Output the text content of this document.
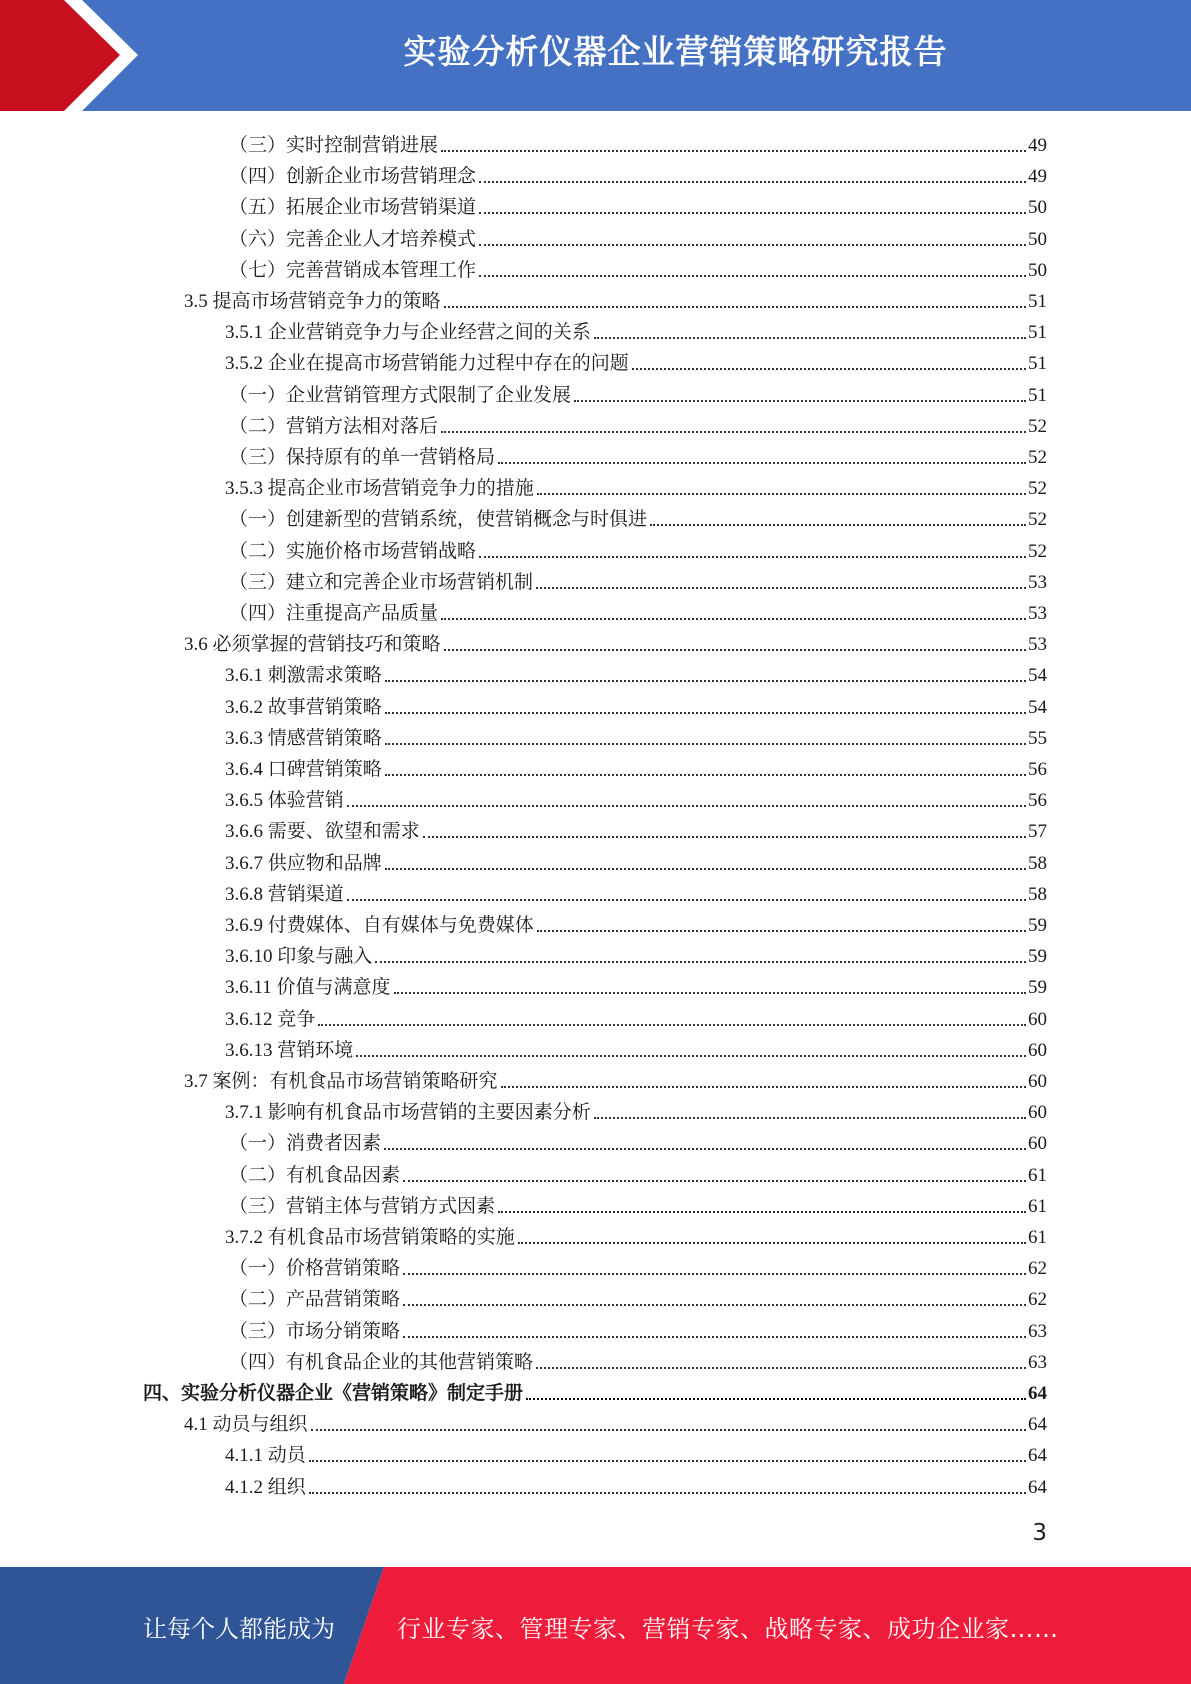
实验分析仪器企业营销策略研究报告
（三）实时控制营销进展	49
（四）创新企业市场营销理念	49
（五）拓展企业市场营销渠道	50
（六）完善企业人才培养模式	50
（七）完善营销成本管理工作	50
3.5 提高市场营销竞争力的策略	51
3.5.1 企业营销竞争力与企业经营之间的关系	51
3.5.2 企业在提高市场营销能力过程中存在的问题	51
（一）企业营销管理方式限制了企业发展	51
（二）营销方法相对落后	52
（三）保持原有的单一营销格局	52
3.5.3 提高企业市场营销竞争力的措施	52
（一）创建新型的营销系统，使营销概念与时俱进	52
（二）实施价格市场营销战略	52
（三）建立和完善企业市场营销机制	53
（四）注重提高产品质量	53
3.6 必须掌握的营销技巧和策略	53
3.6.1 刺激需求策略	54
3.6.2 故事营销策略	54
3.6.3 情感营销策略	55
3.6.4 口碑营销策略	56
3.6.5 体验营销	56
3.6.6 需要、欲望和需求	57
3.6.7 供应物和品牌	58
3.6.8 营销渠道	58
3.6.9 付费媒体、自有媒体与免费媒体	59
3.6.10 印象与融入	59
3.6.11 价值与满意度	59
3.6.12 竞争	60
3.6.13 营销环境	60
3.7 案例：有机食品市场营销策略研究	60
3.7.1 影响有机食品市场营销的主要因素分析	60
（一）消费者因素	60
（二）有机食品因素	61
（三）营销主体与营销方式因素	61
3.7.2 有机食品市场营销策略的实施	61
（一）价格营销策略	62
（二）产品营销策略	62
（三）市场分销策略	63
（四）有机食品企业的其他营销策略	63
四、实验分析仪器企业《营销策略》制定手册	64
4.1 动员与组织	64
4.1.1 动员	64
4.1.2 组织	64
3
让每个人都能成为	行业专家、管理专家、营销专家、战略专家、成功企业家……
